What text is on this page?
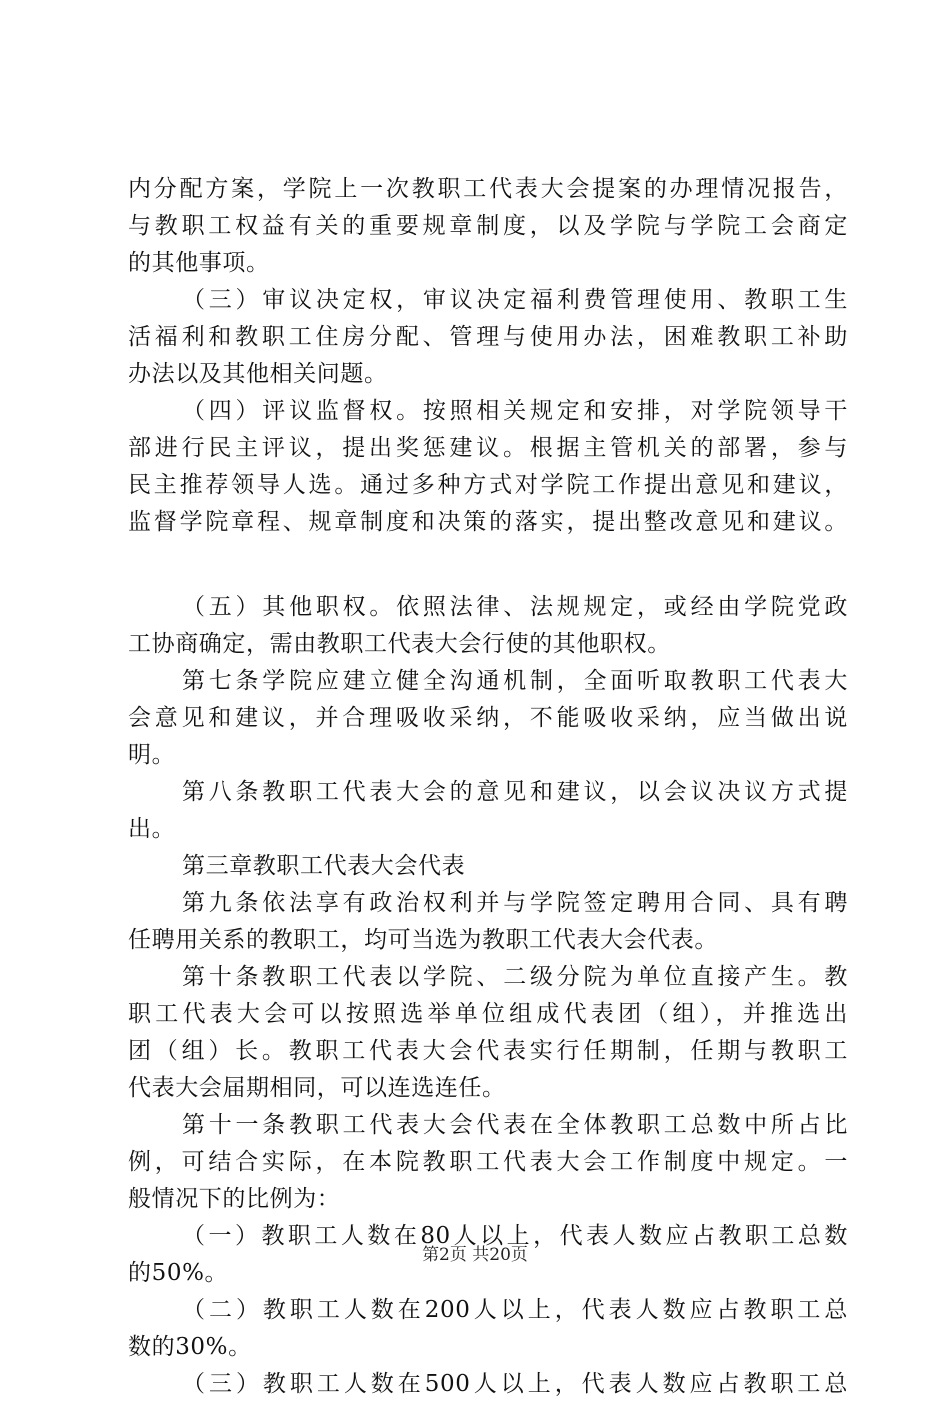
内分配方案，学院上一次教职工代表大会提案的办理情况报告，
与教职工权益有关的重要规章制度，以及学院与学院工会商定
的其他事项。
（三）审议决定权，审议决定福利费管理使用、教职工生
活福利和教职工住房分配、管理与使用办法，困难教职工补助
办法以及其他相关问题。
（四）评议监督权。按照相关规定和安排，对学院领导干
部进行民主评议，提出奖惩建议。根据主管机关的部署，参与
民主推荐领导人选。通过多种方式对学院工作提出意见和建议，
监督学院章程、规章制度和决策的落实，提出整改意见和建议。
（五）其他职权。依照法律、法规规定，或经由学院党政
工协商确定，需由教职工代表大会行使的其他职权。
第七条学院应建立健全沟通机制，全面听取教职工代表大
会意见和建议，并合理吸收采纳，不能吸收采纳，应当做出说
明。
第八条教职工代表大会的意见和建议，以会议决议方式提
出。
第三章教职工代表大会代表
第九条依法享有政治权利并与学院签定聘用合同、具有聘
任聘用关系的教职工，均可当选为教职工代表大会代表。
第十条教职工代表以学院、二级分院为单位直接产生。教
职工代表大会可以按照选举单位组成代表团（组），并推选出
团（组）长。教职工代表大会代表实行任期制，任期与教职工
代表大会届期相同，可以连选连任。
第十一条教职工代表大会代表在全体教职工总数中所占比
例，可结合实际，在本院教职工代表大会工作制度中规定。一
般情况下的比例为：
（一）教职工人数在80人以上，代表人数应占教职工总数
的50%。
（二）教职工人数在200人以上，代表人数应占教职工总
数的30%。
（三）教职工人数在500人以上，代表人数应占教职工总
第2页 共20页
